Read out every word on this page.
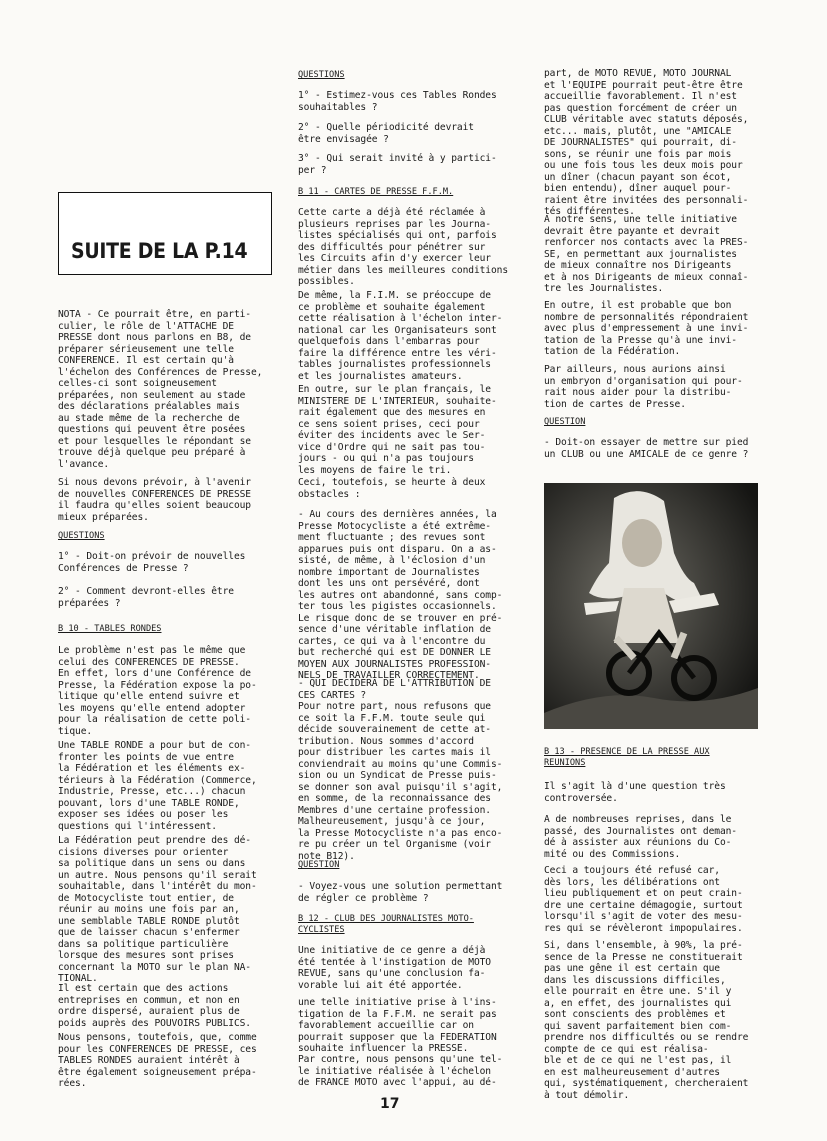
SUITE DE LA P.14

NOTA - Ce pourrait être, en parti-
culier, le rôle de l'ATTACHE DE
PRESSE dont nous parlons en B8, de
préparer sérieusement une telle
CONFERENCE. Il est certain qu'à
l'échelon des Conférences de Presse,
celles-ci sont soigneusement
préparées, non seulement au stade
des déclarations préalables mais
au stade même de la recherche de
questions qui peuvent être posées
et pour lesquelles le répondant se
trouve déjà quelque peu préparé à
l'avance.

Si nous devons prévoir, à l'avenir
de nouvelles CONFERENCES DE PRESSE
il faudra qu'elles soient beaucoup
mieux préparées.

QUESTIONS

1° - Doit-on prévoir de nouvelles
Conférences de Presse ?

2° - Comment devront-elles être
préparées ?

B 10 - TABLES RONDES

Le problème n'est pas le même que
celui des CONFERENCES DE PRESSE.
En effet, lors d'une Conférence de
Presse, la Fédération expose la po-
litique qu'elle entend suivre et
les moyens qu'elle entend adopter
pour la réalisation de cette poli-
tique.

Une TABLE RONDE a pour but de con-
fronter les points de vue entre
la Fédération et les éléments ex-
térieurs à la Fédération (Commerce,
Industrie, Presse, etc...) chacun
pouvant, lors d'une TABLE RONDE,
exposer ses idées ou poser les
questions qui l'intéressent.

La Fédération peut prendre des dé-
cisions diverses pour orienter
sa politique dans un sens ou dans
un autre. Nous pensons qu'il serait
souhaitable, dans l'intérêt du mon-
de Motocycliste tout entier, de
réunir au moins une fois par an,
une semblable TABLE RONDE plutôt
que de laisser chacun s'enfermer
dans sa politique particulière
lorsque des mesures sont prises
concernant la MOTO sur le plan NA-
TIONAL.

Il est certain que des actions
entreprises en commun, et non en
ordre dispersé, auraient plus de
poids auprès des POUVOIRS PUBLICS.

Nous pensons, toutefois, que, comme
pour les CONFERENCES DE PRESSE, ces
TABLES RONDES auraient intérêt à
être également soigneusement prépa-
rées.

QUESTIONS

1° - Estimez-vous ces Tables Rondes
souhaitables ?

2° - Quelle périodicité devrait
être envisagée ?

3° - Qui serait invité à y partici-
per ?

B 11 - CARTES DE PRESSE F.F.M.

Cette carte a déjà été réclamée à
plusieurs reprises par les Journa-
listes spécialisés qui ont, parfois
des difficultés pour pénétrer sur
les Circuits afin d'y exercer leur
métier dans les meilleures conditions
possibles.

De même, la F.I.M. se préoccupe de
ce problème et souhaite également
cette réalisation à l'échelon inter-
national car les Organisateurs sont
quelquefois dans l'embarras pour
faire la différence entre les véri-
tables journalistes professionnels
et les journalistes amateurs.

En outre, sur le plan français, le
MINISTERE DE L'INTERIEUR, souhaite-
rait également que des mesures en
ce sens soient prises, ceci pour
éviter des incidents avec le Ser-
vice d'Ordre qui ne sait pas tou-
jours - ou qui n'a pas toujours
les moyens de faire le tri.

Ceci, toutefois, se heurte à deux
obstacles :

- Au cours des dernières années, la
Presse Motocycliste a été extrême-
ment fluctuante ; des revues sont
apparues puis ont disparu. On a as-
sisté, de même, à l'éclosion d'un
nombre important de Journalistes
dont les uns ont persévéré, dont
les autres ont abandonné, sans comp-
ter tous les pigistes occasionnels.
Le risque donc de se trouver en pré-
sence d'une véritable inflation de
cartes, ce qui va à l'encontre du
but recherché qui est DE DONNER LE
MOYEN AUX JOURNALISTES PROFESSION-
NELS DE TRAVAILLER CORRECTEMENT.

- QUI DECIDERA DE L'ATTRIBUTION DE
CES CARTES ?
Pour notre part, nous refusons que
ce soit la F.F.M. toute seule qui
décide souverainement de cette at-
tribution. Nous sommes d'accord
pour distribuer les cartes mais il
conviendrait au moins qu'une Commis-
sion ou un Syndicat de Presse puis-
se donner son aval puisqu'il s'agit,
en somme, de la reconnaissance des
Membres d'une certaine profession.
Malheureusement, jusqu'à ce jour,
la Presse Motocycliste n'a pas enco-
re pu créer un tel Organisme (voir
note B12).

QUESTION

- Voyez-vous une solution permettant
de régler ce problème ?

B 12 - CLUB DES JOURNALISTES MOTO-
CYCLISTES

Une initiative de ce genre a déjà
été tentée à l'instigation de MOTO
REVUE, sans qu'une conclusion fa-
vorable lui ait été apportée.

une telle initiative prise à l'ins-
tigation de la F.F.M. ne serait pas
favorablement accueillie car on
pourrait supposer que la FEDERATION
souhaite influencer la PRESSE.

Par contre, nous pensons qu'une tel-
le initiative réalisée à l'échelon
de FRANCE MOTO avec l'appui, au dé-

part, de MOTO REVUE, MOTO JOURNAL
et l'EQUIPE pourrait peut-être être
accueillie favorablement. Il n'est
pas question forcément de créer un
CLUB véritable avec statuts déposés,
etc... mais, plutôt, une "AMICALE
DE JOURNALISTES" qui pourrait, di-
sons, se réunir une fois par mois
ou une fois tous les deux mois pour
un dîner (chacun payant son écot,
bien entendu), dîner auquel pour-
raient être invitées des personnali-
tés différentes.

A notre sens, une telle initiative
devrait être payante et devrait
renforcer nos contacts avec la PRES-
SE, en permettant aux journalistes
de mieux connaître nos Dirigeants
et à nos Dirigeants de mieux connaî-
tre les Journalistes.

En outre, il est probable que bon
nombre de personnalités répondraient
avec plus d'empressement à une invi-
tation de la Presse qu'à une invi-
tation de la Fédération.

Par ailleurs, nous aurions ainsi
un embryon d'organisation qui pour-
rait nous aider pour la distribu-
tion de cartes de Presse.

QUESTION

- Doit-on essayer de mettre sur pied
un CLUB ou une AMICALE de ce genre ?

B 13 - PRESENCE DE LA PRESSE AUX
REUNIONS

Il s'agit là d'une question très
controversée.

A de nombreuses reprises, dans le
passé, des Journalistes ont deman-
dé à assister aux réunions du Co-
mité ou des Commissions.

Ceci a toujours été refusé car,
dès lors, les délibérations ont
lieu publiquement et on peut crain-
dre une certaine démagogie, surtout
lorsqu'il s'agit de voter des mesu-
res qui se révèleront impopulaires.

Si, dans l'ensemble, à 90%, la pré-
sence de la Presse ne constituerait
pas une gêne il est certain que
dans les discussions difficiles,
elle pourrait en être une. S'il y
a, en effet, des journalistes qui
sont conscients des problèmes et
qui savent parfaitement bien com-
prendre nos difficultés ou se rendre
compte de ce qui est réalisa-
ble et de ce qui ne l'est pas, il
en est malheureusement d'autres
qui, systématiquement, chercheraient
à tout démolir.

17
